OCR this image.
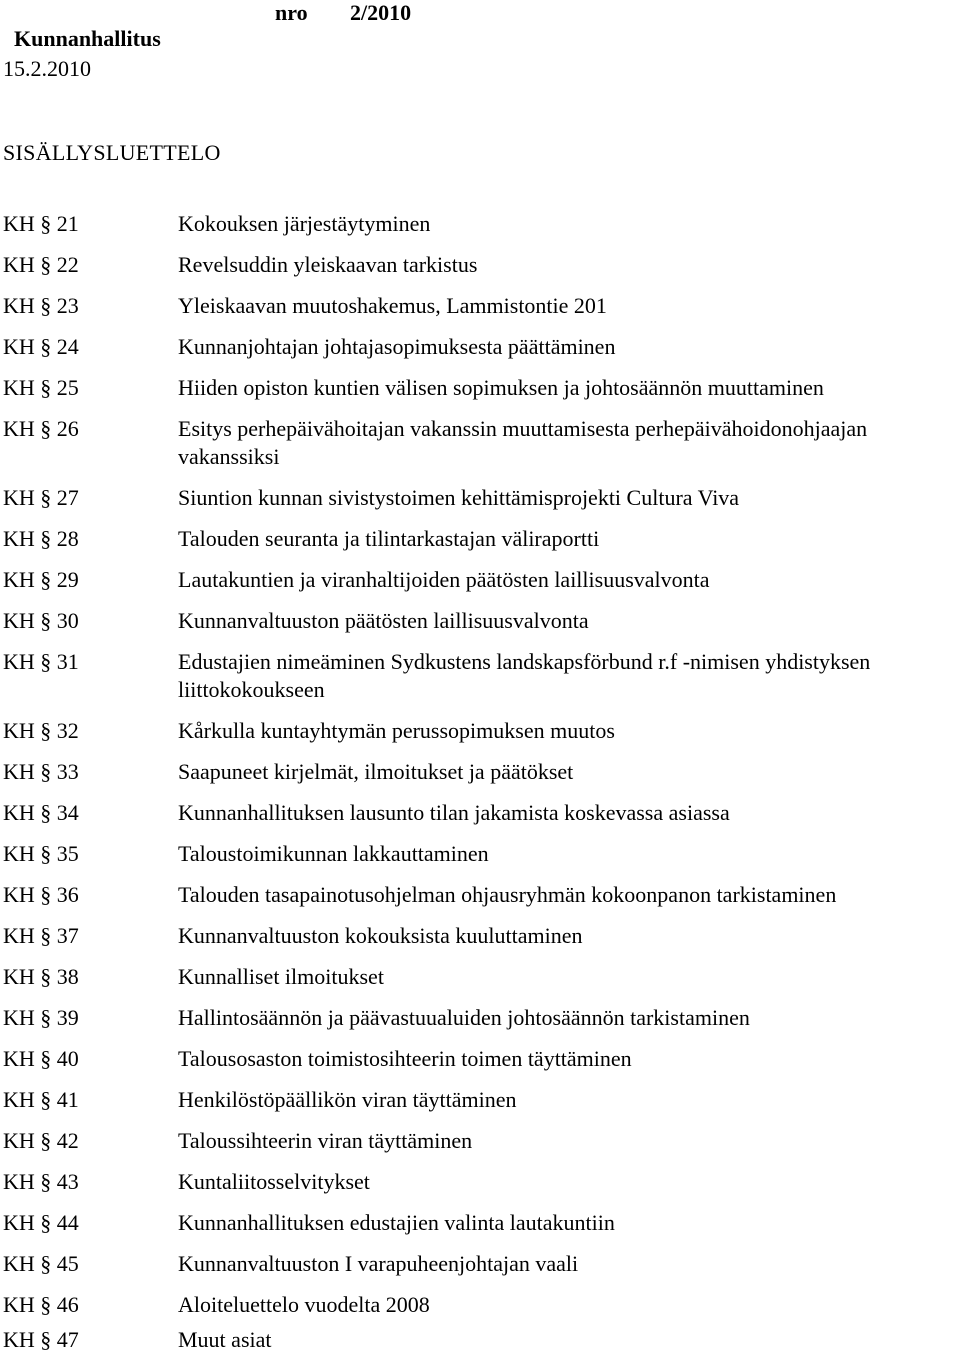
Kunnanhallitus

nro

2/2010

15.2.2010
SISÄLLYSLUETTELO
KH § 21	Kokouksen järjestäytyminen
KH § 22	Revelsuddin yleiskaavan tarkistus
KH § 23	Yleiskaavan muutoshakemus, Lammistontie 201
KH § 24	Kunnanjohtajan johtajasopimuksesta päättäminen
KH § 25	Hiiden opiston kuntien välisen sopimuksen ja johtosäännön muuttaminen
KH § 26	Esitys perhepäivähoitajan vakanssin muuttamisesta perhepäivähoidonohjaajan vakanssiksi
KH § 27	Siuntion kunnan sivistystoimen kehittämisprojekti Cultura Viva
KH § 28	Talouden seuranta ja tilintarkastajan väliraportti
KH § 29	Lautakuntien ja viranhaltijoiden päätösten laillisuusvalvonta
KH § 30	Kunnanvaltuuston päätösten laillisuusvalvonta
KH § 31	Edustajien nimeäminen Sydkustens landskapsförbund r.f -nimisen yhdistyksen liittokokoukseen
KH § 32	Kårkulla kuntayhtymän perussopimuksen muutos
KH § 33	Saapuneet kirjelmät, ilmoitukset ja päätökset
KH § 34	Kunnanhallituksen lausunto tilan jakamista koskevassa asiassa
KH § 35	Taloustoimikunnan lakkauttaminen
KH § 36	Talouden tasapainotusohjelman ohjausryhmän kokoonpanon tarkistaminen
KH § 37	Kunnanvaltuuston kokouksista kuuluttaminen
KH § 38	Kunnalliset ilmoitukset
KH § 39	Hallintosäännön ja päävastuualuiden johtosäännön tarkistaminen
KH § 40	Talousosaston toimistosihteerin toimen täyttäminen
KH § 41	Henkilöstöpäällikön viran täyttäminen
KH § 42	Taloussihteerin viran täyttäminen
KH § 43	Kuntaliitosselvitykset
KH § 44	Kunnanhallituksen edustajien valinta lautakuntiin
KH § 45	Kunnanvaltuuston I varapuheenjohtajan vaali
KH § 46	Aloiteluettelo vuodelta 2008
KH § 47	Muut asiat
